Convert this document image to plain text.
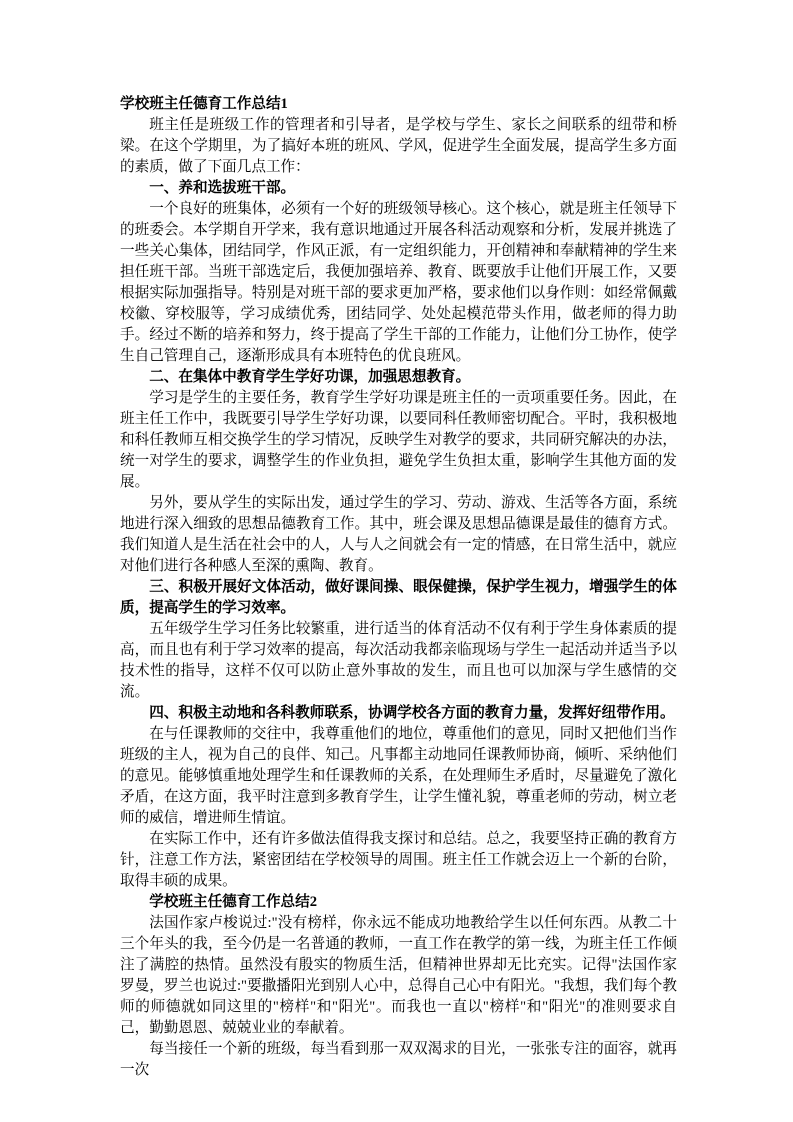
学校班主任德育工作总结1

班主任是班级工作的管理者和引导者，是学校与学生、家长之间联系的纽带和桥梁。在这个学期里，为了搞好本班的班风、学风，促进学生全面发展，提高学生多方面的素质，做了下面几点工作：

一、养和选拔班干部。

一个良好的班集体，必须有一个好的班级领导核心。这个核心，就是班主任领导下的班委会。本学期自开学来，我有意识地通过开展各科活动观察和分析，发展并挑选了一些关心集体，团结同学，作风正派，有一定组织能力，开创精神和奉献精神的学生来担任班干部。当班干部选定后，我便加强培养、教育、既要放手让他们开展工作，又要根据实际加强指导。特别是对班干部的要求更加严格，要求他们以身作则：如经常佩戴校徽、穿校服等，学习成绩优秀，团结同学、处处起模范带头作用，做老师的得力助手。经过不断的培养和努力，终于提高了学生干部的工作能力，让他们分工协作，使学生自己管理自己，逐渐形成具有本班特色的优良班风。

二、在集体中教育学生学好功课，加强思想教育。

学习是学生的主要任务，教育学生学好功课是班主任的一贡项重要任务。因此，在班主任工作中，我既要引导学生学好功课，以要同科任教师密切配合。平时，我积极地和科任教师互相交换学生的学习情况，反映学生对教学的要求，共同研究解决的办法，统一对学生的要求，调整学生的作业负担，避免学生负担太重，影响学生其他方面的发展。

另外，要从学生的实际出发，通过学生的学习、劳动、游戏、生活等各方面，系统地进行深入细致的思想品德教育工作。其中，班会课及思想品德课是最佳的德育方式。我们知道人是生活在社会中的人，人与人之间就会有一定的情感，在日常生活中，就应对他们进行各种感人至深的熏陶、教育。

三、积极开展好文体活动，做好课间操、眼保健操，保护学生视力，增强学生的体质，提高学生的学习效率。

五年级学生学习任务比较繁重，进行适当的体育活动不仅有利于学生身体素质的提高，而且也有利于学习效率的提高，每次活动我都亲临现场与学生一起活动并适当予以技术性的指导，这样不仅可以防止意外事故的发生，而且也可以加深与学生感情的交流。

四、积极主动地和各科教师联系，协调学校各方面的教育力量，发挥好纽带作用。

在与任课教师的交往中，我尊重他们的地位，尊重他们的意见，同时又把他们当作班级的主人，视为自己的良伴、知己。凡事都主动地同任课教师协商，倾听、采纳他们的意见。能够慎重地处理学生和任课教师的关系，在处理师生矛盾时，尽量避免了激化矛盾，在这方面，我平时注意到多教育学生，让学生懂礼貌，尊重老师的劳动，树立老师的威信，增进师生情谊。

在实际工作中，还有许多做法值得我支探讨和总结。总之，我要坚持正确的教育方针，注意工作方法，紧密团结在学校领导的周围。班主任工作就会迈上一个新的台阶，取得丰硕的成果。

学校班主任德育工作总结2

法国作家卢梭说过:"没有榜样，你永远不能成功地教给学生以任何东西。从教二十三个年头的我，至今仍是一名普通的教师，一直工作在教学的第一线，为班主任工作倾注了满腔的热情。虽然没有殷实的物质生活，但精神世界却无比充实。记得"法国作家罗曼，罗兰也说过:"要撒播阳光到别人心中，总得自己心中有阳光。"我想，我们每个教师的师德就如同这里的"榜样"和"阳光"。而我也一直以"榜样"和"阳光"的准则要求自己，勤勤恩恩、兢兢业业的奉献着。

每当接任一个新的班级，每当看到那一双双渴求的目光，一张张专注的面容，就再一次
